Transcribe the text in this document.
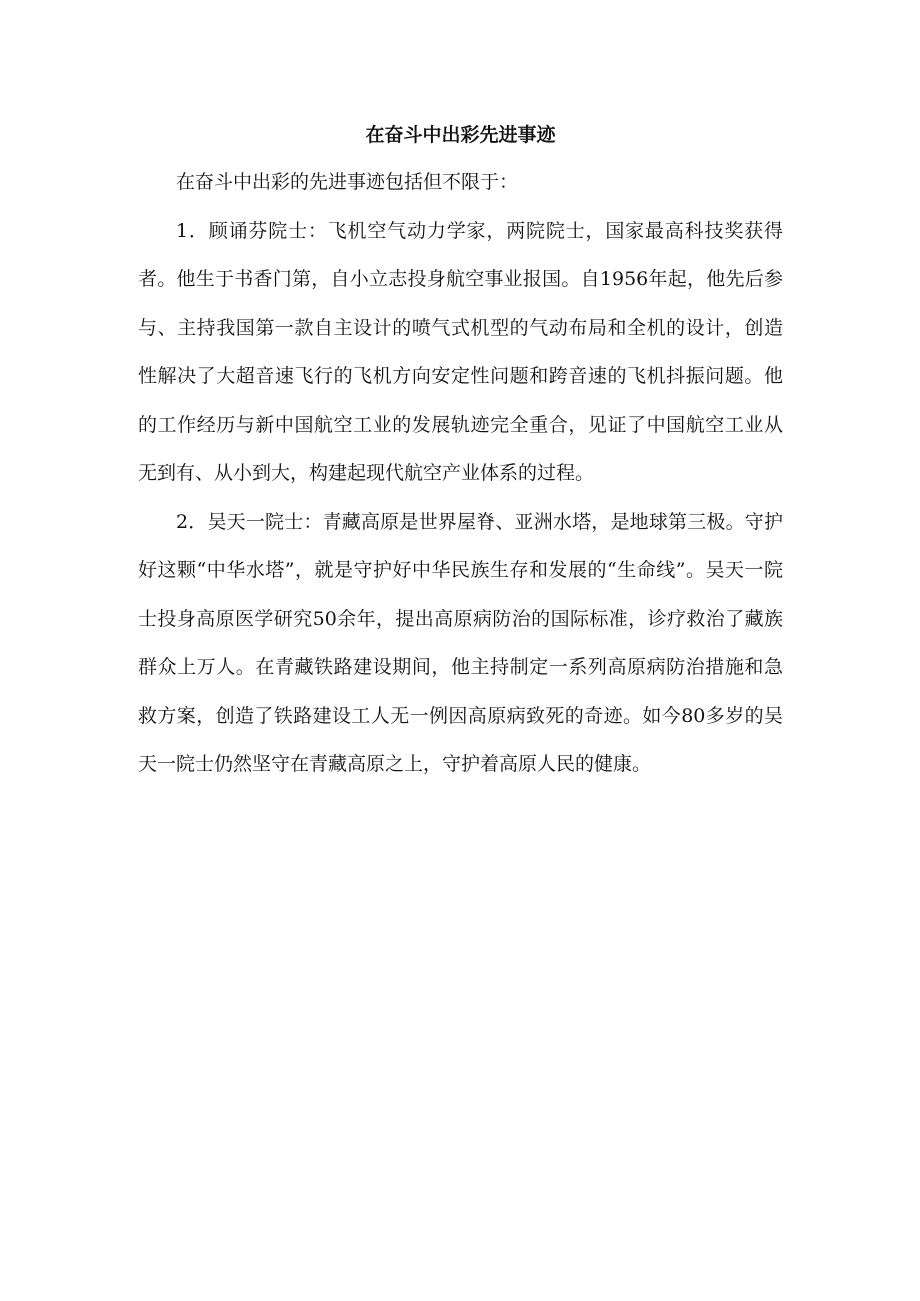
在奋斗中出彩先进事迹

在奋斗中出彩的先进事迹包括但不限于：

1．顾诵芬院士：飞机空气动力学家，两院院士，国家最高科技奖获得者。他生于书香门第，自小立志投身航空事业报国。自1956年起，他先后参与、主持我国第一款自主设计的喷气式机型的气动布局和全机的设计，创造性解决了大超音速飞行的飞机方向安定性问题和跨音速的飞机抖振问题。他的工作经历与新中国航空工业的发展轨迹完全重合，见证了中国航空工业从无到有、从小到大，构建起现代航空产业体系的过程。

2．吴天一院士：青藏高原是世界屋脊、亚洲水塔，是地球第三极。守护好这颗“中华水塔”，就是守护好中华民族生存和发展的“生命线”。吴天一院士投身高原医学研究50余年，提出高原病防治的国际标准，诊疗救治了藏族群众上万人。在青藏铁路建设期间，他主持制定一系列高原病防治措施和急救方案，创造了铁路建设工人无一例因高原病致死的奇迹。如今80多岁的吴天一院士仍然坚守在青藏高原之上，守护着高原人民的健康。
